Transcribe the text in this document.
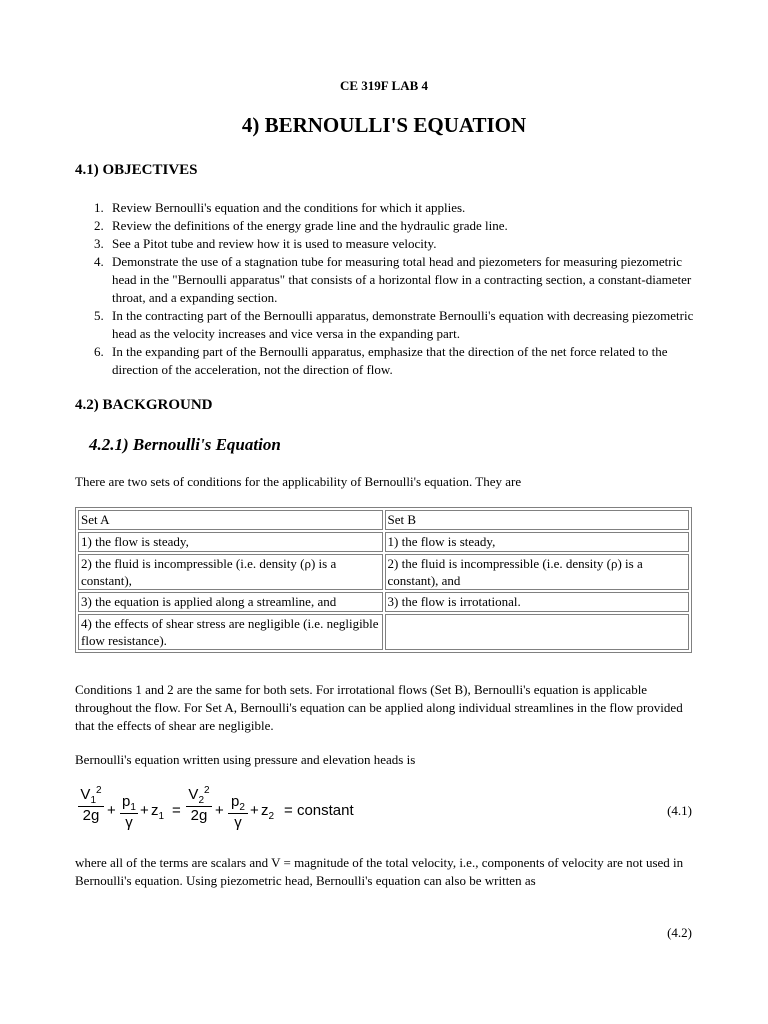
CE 319F LAB 4
4) BERNOULLI'S EQUATION
4.1) OBJECTIVES
1. Review Bernoulli's equation and the conditions for which it applies.
2. Review the definitions of the energy grade line and the hydraulic grade line.
3. See a Pitot tube and review how it is used to measure velocity.
4. Demonstrate the use of a stagnation tube for measuring total head and piezometers for measuring piezometric head in the "Bernoulli apparatus" that consists of a horizontal flow in a contracting section, a constant-diameter throat, and a expanding section.
5. In the contracting part of the Bernoulli apparatus, demonstrate Bernoulli's equation with decreasing piezometric head as the velocity increases and vice versa in the expanding part.
6. In the expanding part of the Bernoulli apparatus, emphasize that the direction of the net force related to the direction of the acceleration, not the direction of flow.
4.2) BACKGROUND
4.2.1) Bernoulli's Equation
There are two sets of conditions for the applicability of Bernoulli's equation. They are
Set A	Set B
1) the flow is steady,	1) the flow is steady,
2) the fluid is incompressible (i.e. density (ρ) is a constant),	2) the fluid is incompressible (i.e. density (ρ) is a constant), and
3) the equation is applied along a streamline, and	3) the flow is irrotational.
4) the effects of shear stress are negligible (i.e. negligible flow resistance).	
Conditions 1 and 2 are the same for both sets. For irrotational flows (Set B), Bernoulli's equation is applicable throughout the flow. For Set A, Bernoulli's equation can be applied along individual streamlines in the flow provided that the effects of shear are negligible.
Bernoulli's equation written using pressure and elevation heads is
$\frac{V_1^2}{2g} + \frac{p_1}{\gamma} + z_1 = \frac{V_2^2}{2g} + \frac{p_2}{\gamma} + z_2$ = constant	(4.1)
where all of the terms are scalars and V = magnitude of the total velocity, i.e., components of velocity are not used in Bernoulli's equation. Using piezometric head, Bernoulli's equation can also be written as
(4.2)
